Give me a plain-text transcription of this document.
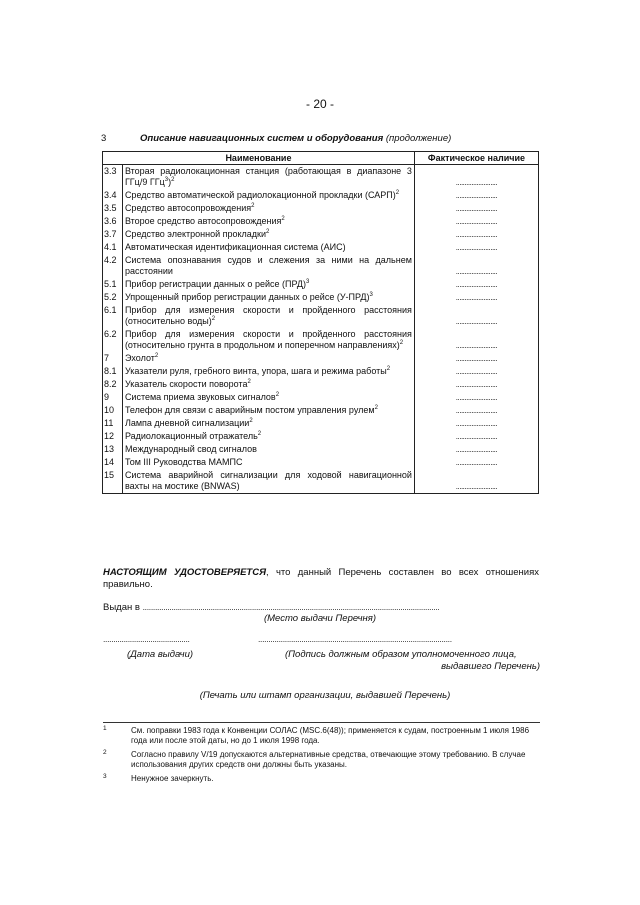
- 20 -
3	Описание навигационных систем и оборудования (продолжение)
Наименование		Фактическое наличие
3.3	Вторая радиолокационная станция (работающая в диапазоне 3 ГГц/9 ГГц$^3$)$^2$	........................
3.4	Средство автоматической радиолокационной прокладки (САРП)$^2$	........................
3.5	Средство автосопровождения$^2$	........................
3.6	Второе средство автосопровождения$^2$	........................
3.7	Средство электронной прокладки$^2$	........................
4.1	Автоматическая идентификационная система (АИС)	........................
4.2	Система опознавания судов и слежения за ними на дальнем расстоянии	........................
5.1	Прибор регистрации данных о рейсе (ПРД)$^3$	........................
5.2	Упрощенный прибор регистрации данных о рейсе $(У-ПРД)^3$	........................
6.1	Прибор для измерения скорости и пройденного расстояния (относительно воды)$^2$	........................
6.2	Прибор для измерения скорости и пройденного расстояния (относительно грунта в продольном и поперечном направлениях)$^2$	........................
7	Эхолот$^2$	........................
8.1	Указатели руля, гребного винта, упора, шага и режима работы$^2$	........................
8.2	Указатель скорости поворота$^2$	........................
9	Система приема звуковых сигналов$^2$	........................
10	Телефон для связи с аварийным постом управления рулем$^2$	........................
11	Лампа дневной сигнализации$^2$	........................
12	Радиолокационный отражатель$^2$	........................
13	Международный свод сигналов	........................
14	Том III Руководства МАМПС	........................
15	Система аварийной сигнализации для ходовой навигационной вахты на мостике (BNWAS)	........................
НАСТОЯЩИМ УДОСТОВЕРЯЕТСЯ, что данный Перечень составлен во всех отношениях правильно.
Выдан в ................................................................................................................................................
(Место выдачи Перечня)
..........................................
(Дата выдачи)
..............................................................................................
(Подпись должным образом уполномоченного лица,
выдавшего Перечень)
(Печать или штамп организации, выдавшей Перечень)
1	См. поправки 1983 года к Конвенции СОЛАС (MSC.6(48)); применяется к судам, построенным 1 июля 1986 года или после этой даты, но до 1 июля 1998 года.
2	Согласно правилу V/19 допускаются альтернативные средства, отвечающие этому требованию. В случае использования других средств они должны быть указаны.
3	Ненужное зачеркнуть.
